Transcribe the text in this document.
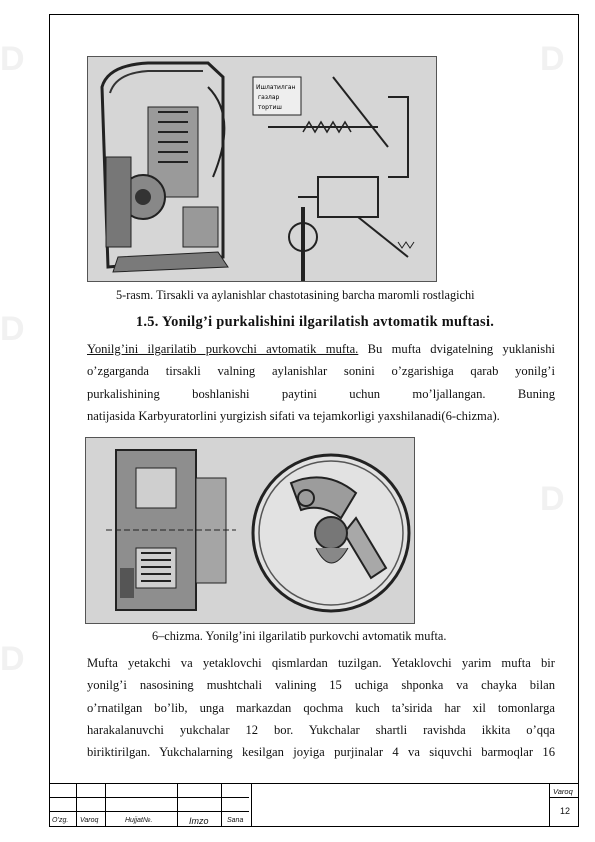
D	D
D
D
D
Ишлатилган
газлар
тортиш
5-rasm. Tirsakli va aylanishlar chastotasining barcha maromli rostlagichi
1.5. Yonilg’i purkalishini ilgarilatish avtomatik muftasi.
Yonilg’ini ilgarilatib purkovchi avtomatik mufta. Bu mufta dvigatelning yuklanishi
o’zgarganda tirsakli valning aylanishlar sonini o’zgarishiga qarab yonilg’i
purkalishining boshlanishi paytini uchun mo’ljallangan. Buning
natijasida Karbyuratorlini yurgizish sifati va tejamkorligi yaxshilanadi(6-chizma).
6–chizma. Yonilg’ini ilgarilatib purkovchi avtomatik mufta.
Mufta yetakchi va yetaklovchi qismlardan tuzilgan. Yetaklovchi yarim mufta bir
yonilg’i nasosining mushtchali valining 15 uchiga shponka va chayka bilan
o’rnatilgan bo’lib, unga markazdan qochma kuch ta’sirida har xil tomonlarga
harakalanuvchi yukchalar 12 bor. Yukchalar shartli ravishda ikkita o’qqa
biriktirilgan. Yukchalarning kesilgan joyiga purjinalar 4 va siquvchi barmoqlar 16
O’zg. Varoq	Hujjat№.	Imzo	Sana
Varoq
12
